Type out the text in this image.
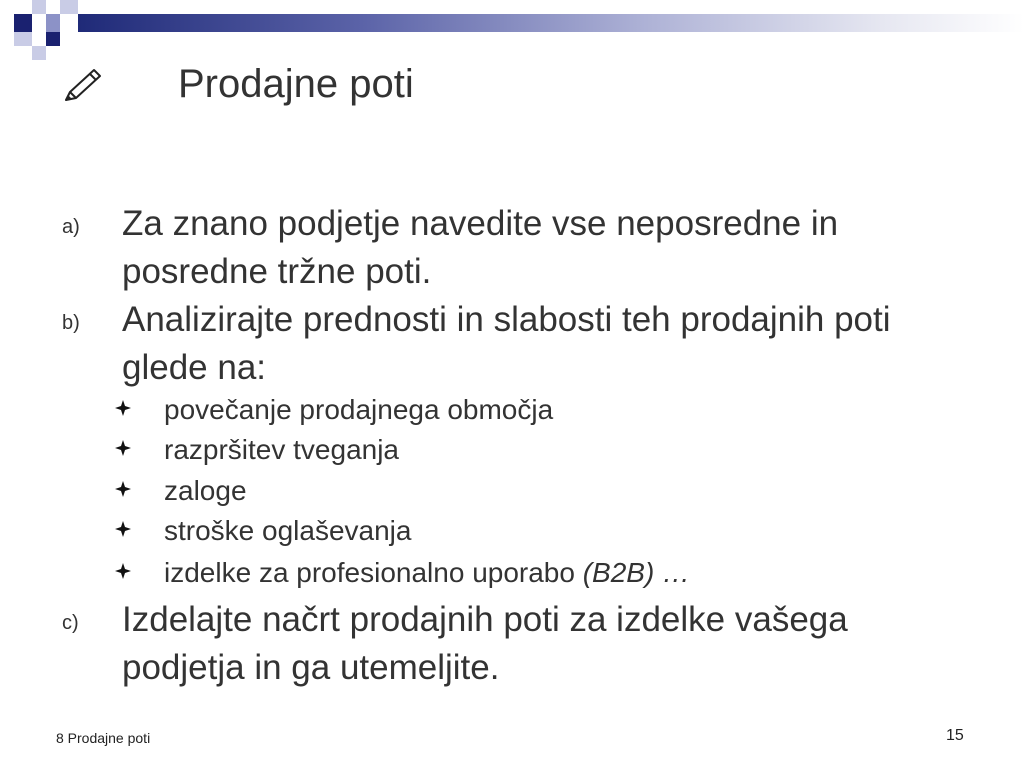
Prodajne poti
a) Za znano podjetje navedite vse neposredne in posredne tržne poti.
b) Analizirajte prednosti in slabosti teh prodajnih poti glede na:
povečanje prodajnega območja
razpršitev tveganja
zaloge
stroške oglaševanja
izdelke za profesionalno uporabo (B2B) …
c) Izdelajte načrt prodajnih poti za izdelke vašega podjetja in ga utemeljite.
8 Prodajne poti	15
